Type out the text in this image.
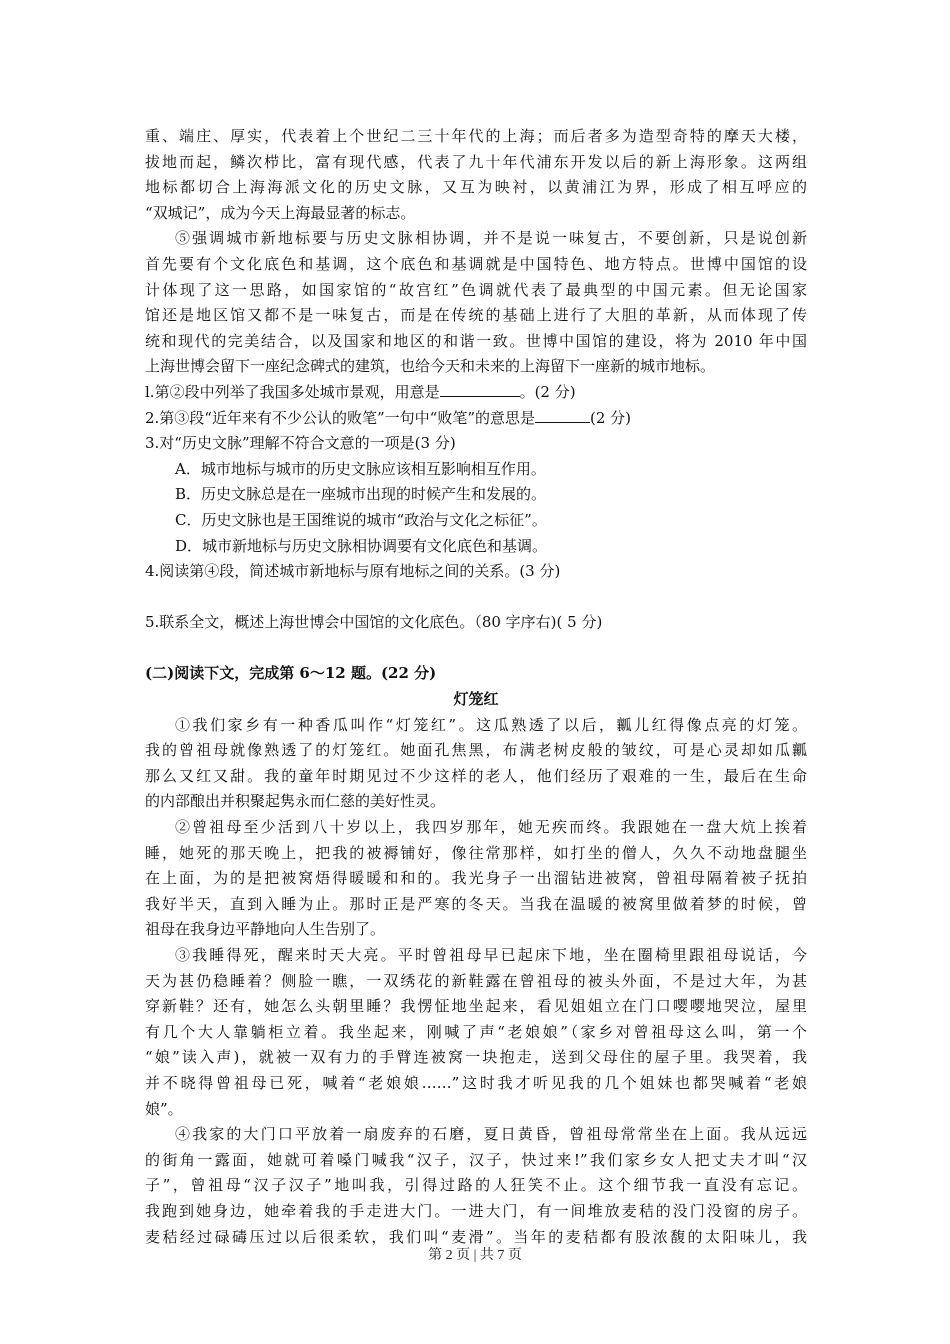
重、端庄、厚实，代表着上个世纪二三十年代的上海；而后者多为造型奇特的摩天大楼，
拔地而起，鳞次栉比，富有现代感，代表了九十年代浦东开发以后的新上海形象。这两组
地标都切合上海海派文化的历史文脉，又互为映衬，以黄浦江为界，形成了相互呼应的
“双城记”，成为今天上海最显著的标志。
⑤强调城市新地标要与历史文脉相协调，并不是说一味复古，不要创新，只是说创新
首先要有个文化底色和基调，这个底色和基调就是中国特色、地方特点。世博中国馆的设
计体现了这一思路，如国家馆的“故宫红”色调就代表了最典型的中国元素。但无论国家
馆还是地区馆又都不是一味复古，而是在传统的基础上进行了大胆的革新，从而体现了传
统和现代的完美结合，以及国家和地区的和谐一致。世博中国馆的建设，将为 2010 年中国
上海世博会留下一座纪念碑式的建筑，也给今天和未来的上海留下一座新的城市地标。
l.第②段中列举了我国多处城市景观，用意是	。(2 分)
2.第③段“近年来有不少公认的败笔”一句中“败笔”的意思是	(2 分)
3.对“历史文脉”理解不符合文意的一项是(3 分)
A．城市地标与城市的历史文脉应该相互影响相互作用。
B．历史文脉总是在一座城市出现的时候产生和发展的。
C．历史文脉也是王国维说的城市“政治与文化之标征”。
D．城市新地标与历史文脉相协调要有文化底色和基调。
4.阅读第④段，简述城市新地标与原有地标之间的关系。(3 分)
5.联系全文，概述上海世博会中国馆的文化底色。（80 字序右)( 5 分)
(二)阅读下文，完成第 6～12 题。(22 分)
灯笼红
①我们家乡有一种香瓜叫作“灯笼红”。这瓜熟透了以后，瓤儿红得像点亮的灯笼。
我的曾祖母就像熟透了的灯笼红。她面孔焦黑，布满老树皮般的皱纹，可是心灵却如瓜瓤
那么又红又甜。我的童年时期见过不少这样的老人，他们经历了艰难的一生，最后在生命
的内部酿出并积聚起隽永而仁慈的美好性灵。
②曾祖母至少活到八十岁以上，我四岁那年，她无疾而终。我跟她在一盘大炕上挨着
睡，她死的那天晚上，把我的被褥铺好，像往常那样，如打坐的僧人，久久不动地盘腿坐
在上面，为的是把被窝焐得暖暖和和的。我光身子一出溜钻进被窝，曾祖母隔着被子抚拍
我好半天，直到入睡为止。那时正是严寒的冬天。当我在温暖的被窝里做着梦的时候，曾
祖母在我身边平静地向人生告别了。
③我睡得死，醒来时天大亮。平时曾祖母早已起床下地，坐在圈椅里跟祖母说话，今
天为甚仍稳睡着？侧脸一瞧，一双绣花的新鞋露在曾祖母的被头外面，不是过大年，为甚
穿新鞋？还有，她怎么头朝里睡？我愣怔地坐起来，看见姐姐立在门口嘤嘤地哭泣，屋里
有几个大人靠躺柜立着。我坐起来，刚喊了声“老娘娘”（家乡对曾祖母这么叫，第一个
“娘”读入声)，就被一双有力的手臂连被窝一块抱走，送到父母住的屋子里。我哭着，我
并不晓得曾祖母已死，喊着“老娘娘……”这时我才听见我的几个姐妹也都哭喊着“老娘
娘”。
④我家的大门口平放着一扇废弃的石磨，夏日黄昏，曾祖母常常坐在上面。我从远远
的街角一露面，她就可着嗓门喊我“汉子，汉子，快过来!”我们家乡女人把丈夫才叫“汉
子”，曾祖母“汉子汉子”地叫我，引得过路的人狂笑不止。这个细节我一直没有忘记。
我跑到她身边，她牵着我的手走进大门。一进大门，有一间堆放麦秸的没门没窗的房子。
麦秸经过碌碡压过以后很柔软，我们叫“麦滑”。当年的麦秸都有股浓馥的太阳味儿，我
第 2 页 | 共 7 页
